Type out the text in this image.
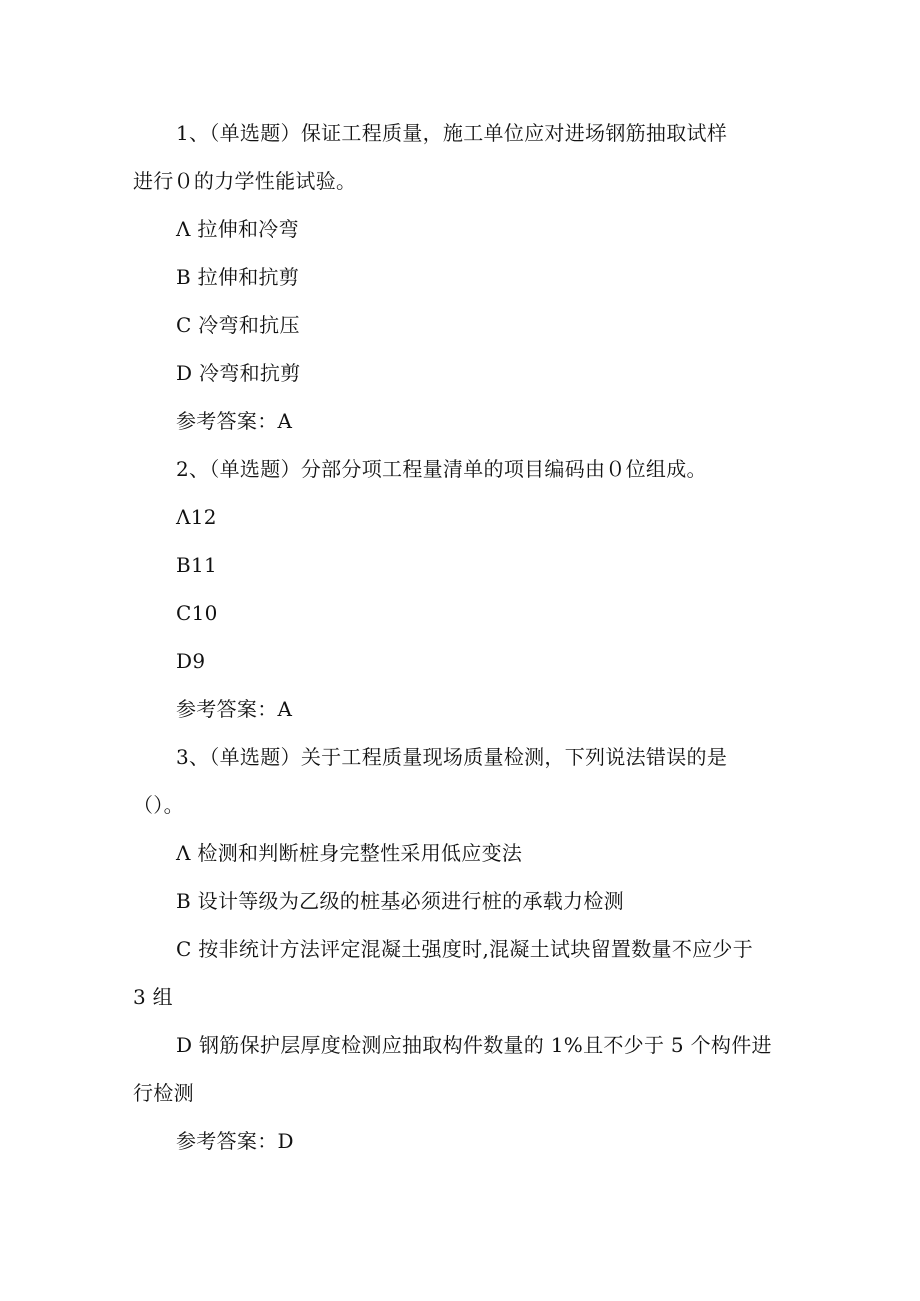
1、（单选题）保证工程质量，施工单位应对进场钢筋抽取试样
进行０的力学性能试验。
Λ 拉伸和冷弯
B 拉伸和抗剪
C 冷弯和抗压
D 冷弯和抗剪
参考答案：A
2、（单选题）分部分项工程量清单的项目编码由０位组成。
Λ12
B11
C10
D9
参考答案：A
3、（单选题）关于工程质量现场质量检测，下列说法错误的是
（）。
Λ 检测和判断桩身完整性采用低应变法
B 设计等级为乙级的桩基必须进行桩的承载力检测
C 按非统计方法评定混凝土强度时,混凝土试块留置数量不应少于
3 组
D 钢筋保护层厚度检测应抽取构件数量的 1%且不少于 5 个构件进
行检测
参考答案：D
